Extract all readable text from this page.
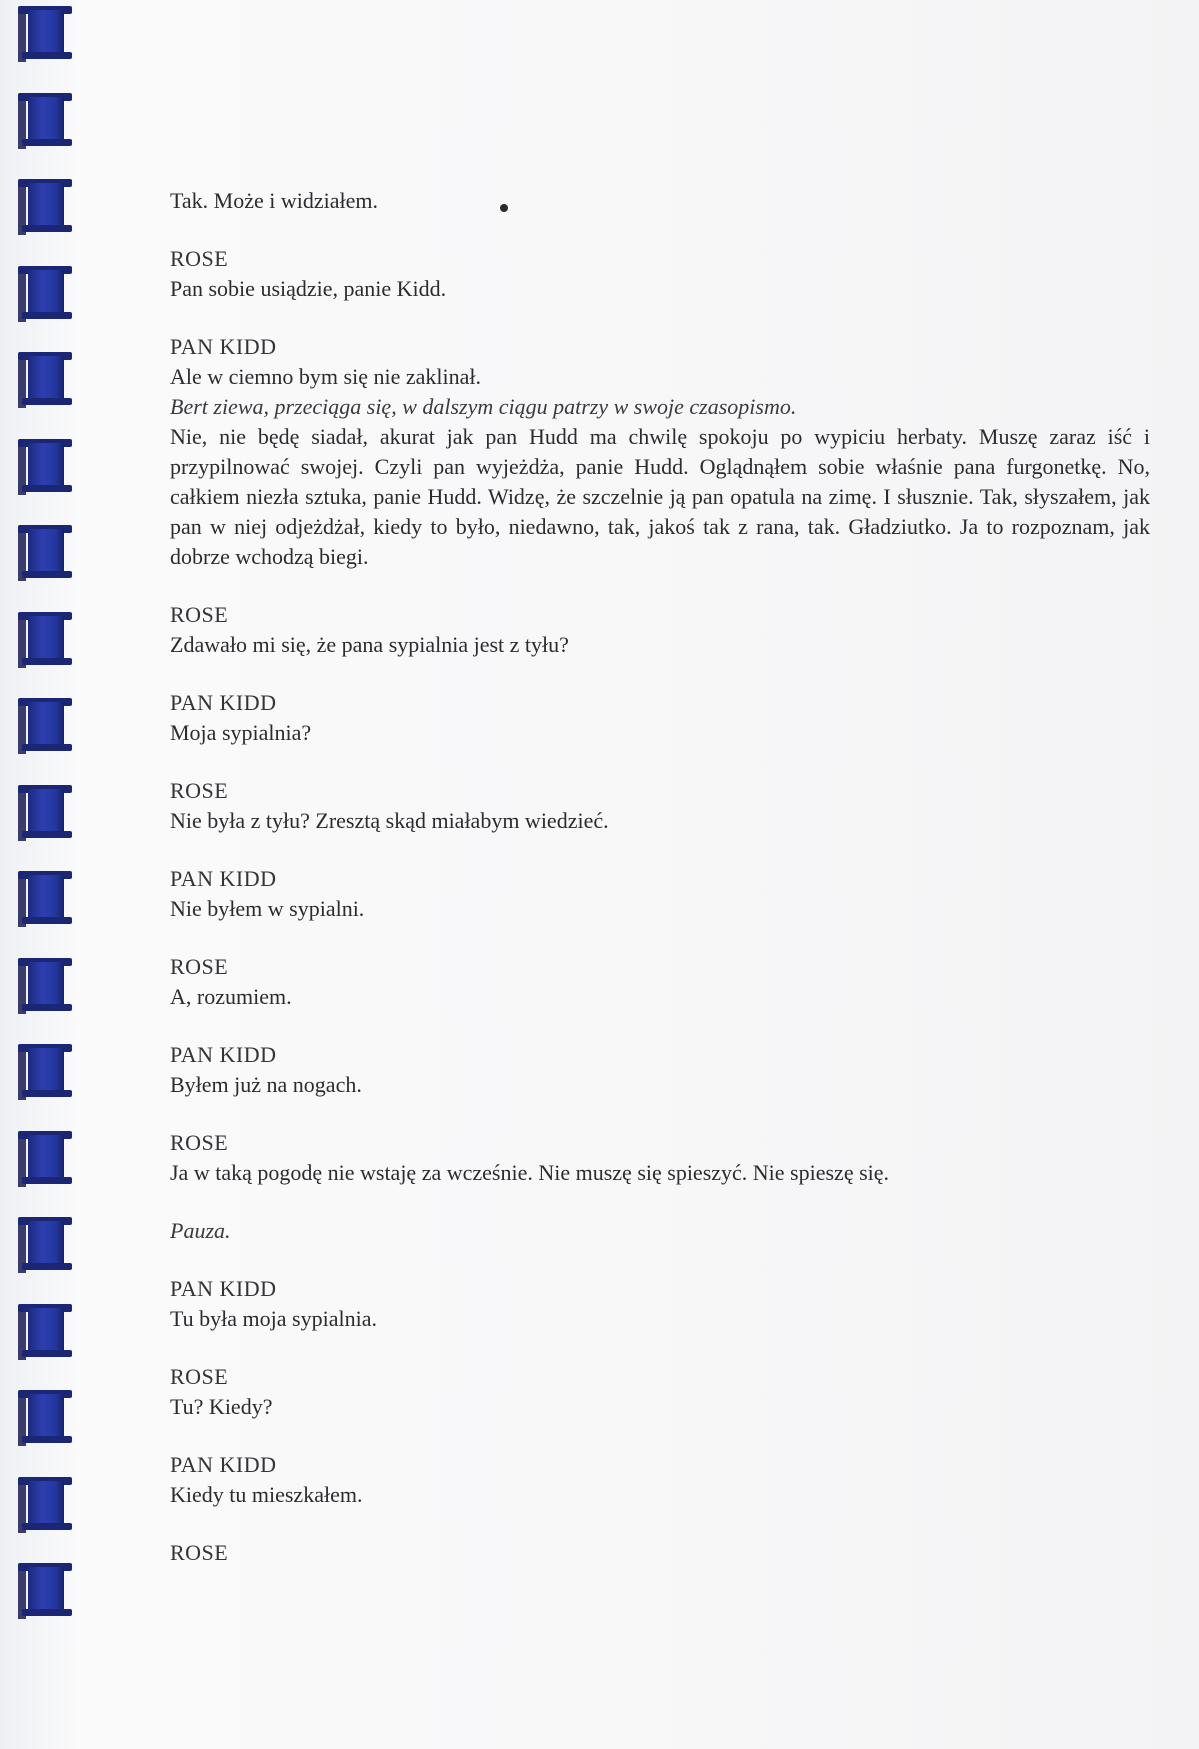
Tak. Może i widziałem.
ROSE
Pan sobie usiądzie, panie Kidd.
PAN KIDD
Ale w ciemno bym się nie zaklinał.
Bert ziewa, przeciąga się, w dalszym ciągu patrzy w swoje czasopismo.
Nie, nie będę siadał, akurat jak pan Hudd ma chwilę spokoju po wypiciu herbaty. Muszę zaraz iść i przypilnować swojej. Czyli pan wyjeżdża, panie Hudd. Oglądnąłem sobie właśnie pana furgonetkę. No, całkiem niezła sztuka, panie Hudd. Widzę, że szczelnie ją pan opatula na zimę. I słusznie. Tak, słyszałem, jak pan w niej odjeżdżał, kiedy to było, niedawno, tak, jakoś tak z rana, tak. Gładziutko. Ja to rozpoznam, jak dobrze wchodzą biegi.
ROSE
Zdawało mi się, że pana sypialnia jest z tyłu?
PAN KIDD
Moja sypialnia?
ROSE
Nie była z tyłu? Zresztą skąd miałabym wiedzieć.
PAN KIDD
Nie byłem w sypialni.
ROSE
A, rozumiem.
PAN KIDD
Byłem już na nogach.
ROSE
Ja w taką pogodę nie wstaję za wcześnie. Nie muszę się spieszyć. Nie spieszę się.
Pauza.
PAN KIDD
Tu była moja sypialnia.
ROSE
Tu? Kiedy?
PAN KIDD
Kiedy tu mieszkałem.
ROSE
